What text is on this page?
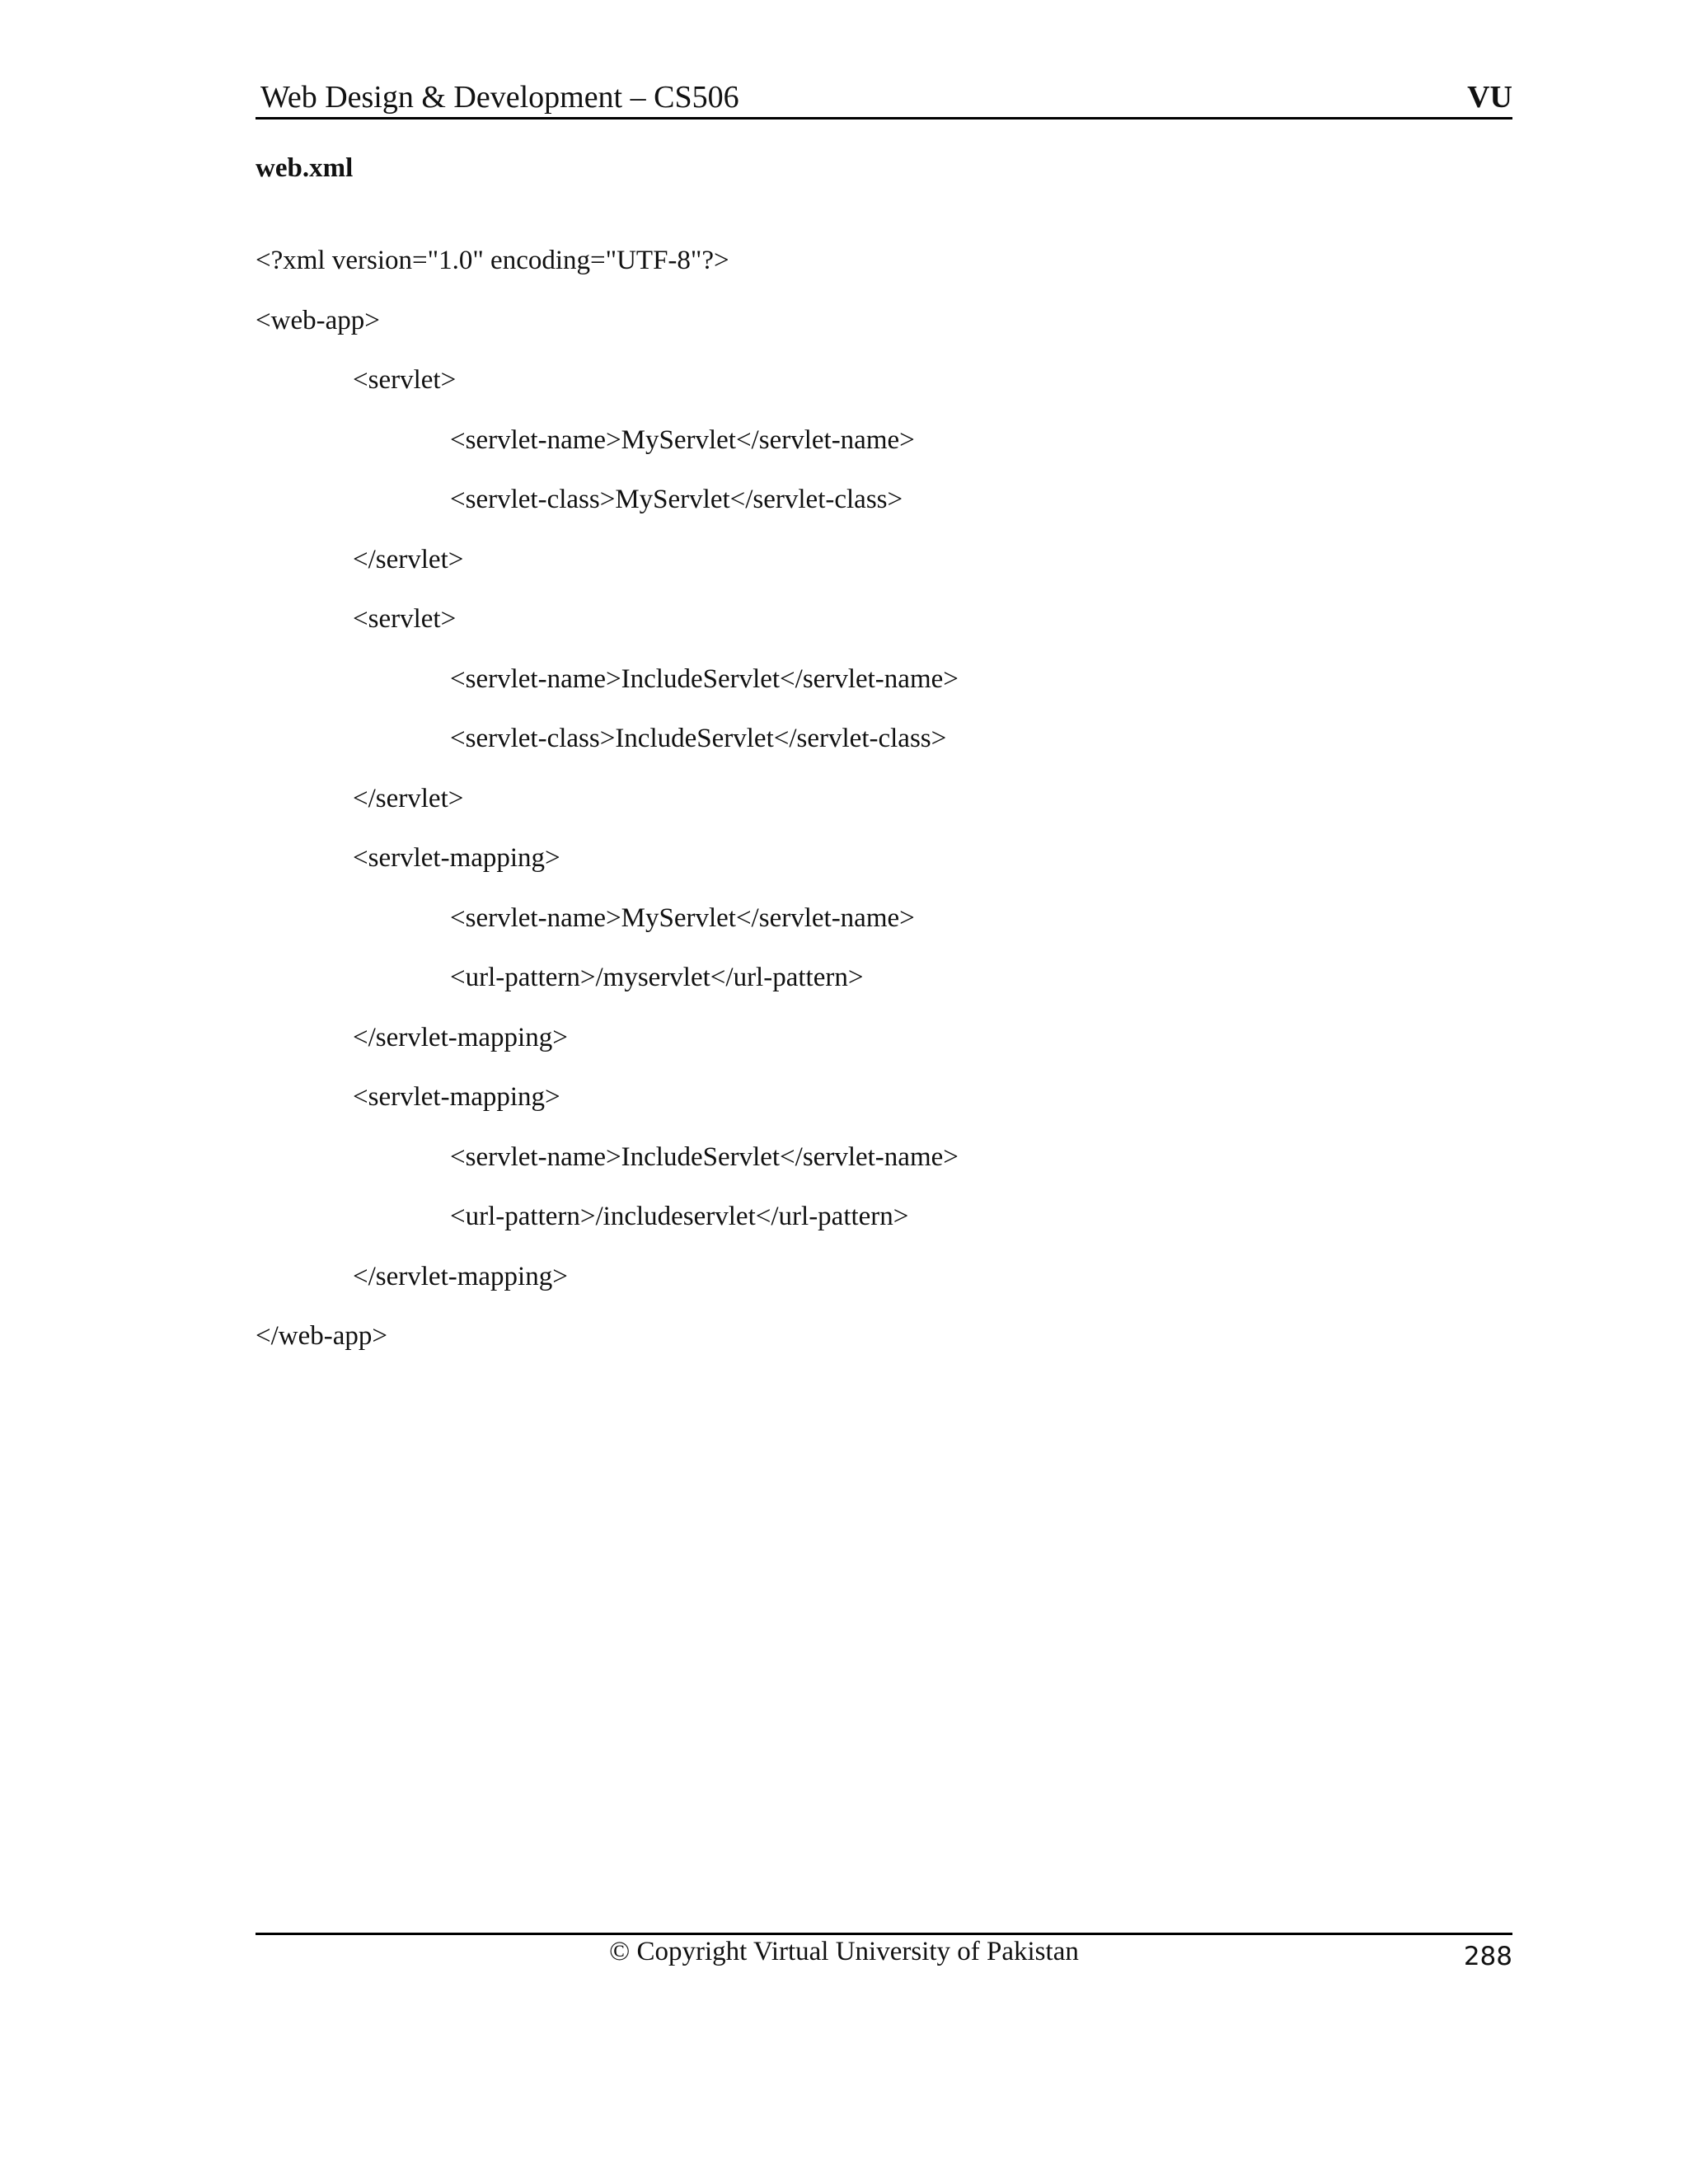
Web Design & Development – CS506	VU
web.xml
<?xml version="1.0" encoding="UTF-8"?>
<web-app>
<servlet>
<servlet-name>MyServlet</servlet-name>
<servlet-class>MyServlet</servlet-class>
</servlet>
<servlet>
<servlet-name>IncludeServlet</servlet-name>
<servlet-class>IncludeServlet</servlet-class>
</servlet>
<servlet-mapping>
<servlet-name>MyServlet</servlet-name>
<url-pattern>/myservlet</url-pattern>
</servlet-mapping>
<servlet-mapping>
<servlet-name>IncludeServlet</servlet-name>
<url-pattern>/includeservlet</url-pattern>
</servlet-mapping>
</web-app>
© Copyright Virtual University of Pakistan	288
